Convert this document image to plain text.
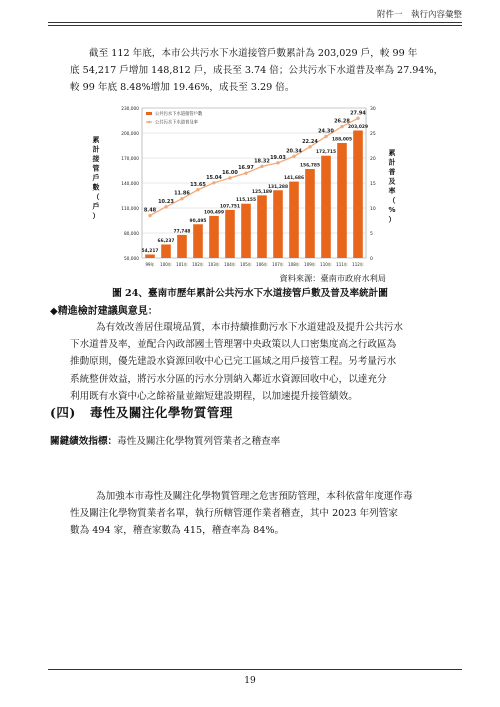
附件一　執行內容彙整

截至 112 年底，本市公共污水下水道接管戶數累計為 203,029 戶，較 99 年

底 54,217 戶增加 148,812 戶，成長至 3.74 倍；公共污水下水道普及率為 27.94%，

較 99 年底 8.48%增加 19.46%，成長至 3.29 倍。

54,217
66,237
77,748
90,495
100,499
107,751
115,155
125,189
131,288
141,686
156,785
172,715
188,005
203,029
8.48
10.23
11.86
13.65
15.04
16.00
16.97
18.32
19.03
20.34
22.24
24.30
26.28
27.94
50,000
80,000
110,000
140,000
170,000
200,000
230,000
0
5
10
15
20
25
30
99年 100年 101年 102年 103年 104年 105年 106年 107年 108年 109年 110年 111年 112年
累
計
接
管
戶
數
（
戶
）
累
計
普
及
率
（
%
）
公共污水下水道接管戶數
公共污水下水道普及率
資料來源：臺南市政府水利局
圖 24、臺南市歷年累計公共污水下水道接管戶數及普及率統計圖
◆精進檢討建議與意見：

為有效改善居住環境品質，本市持續推動污水下水道建設及提升公共污水

下水道普及率，並配合內政部國土管理署中央政策以人口密集度高之行政區為

推動原則，優先建設水資源回收中心已完工區域之用戶接管工程。另考量污水

系統整併效益，將污水分區的污水分別納入鄰近水資源回收中心，以達充分

利用既有水資中心之餘裕量並縮短建設期程，以加速提升接管績效。

(四) 毒性及關注化學物質管理
關鍵績效指標：毒性及關注化學物質列管業者之稽查率

為加強本市毒性及關注化學物質管理之危害預防管理，本科依當年度運作毒

性及關注化學物質業者名單，執行所轄管運作業者稽查，其中 2023 年列管家

數為 494 家，稽查家數為 415，稽查率為 84%。

19
